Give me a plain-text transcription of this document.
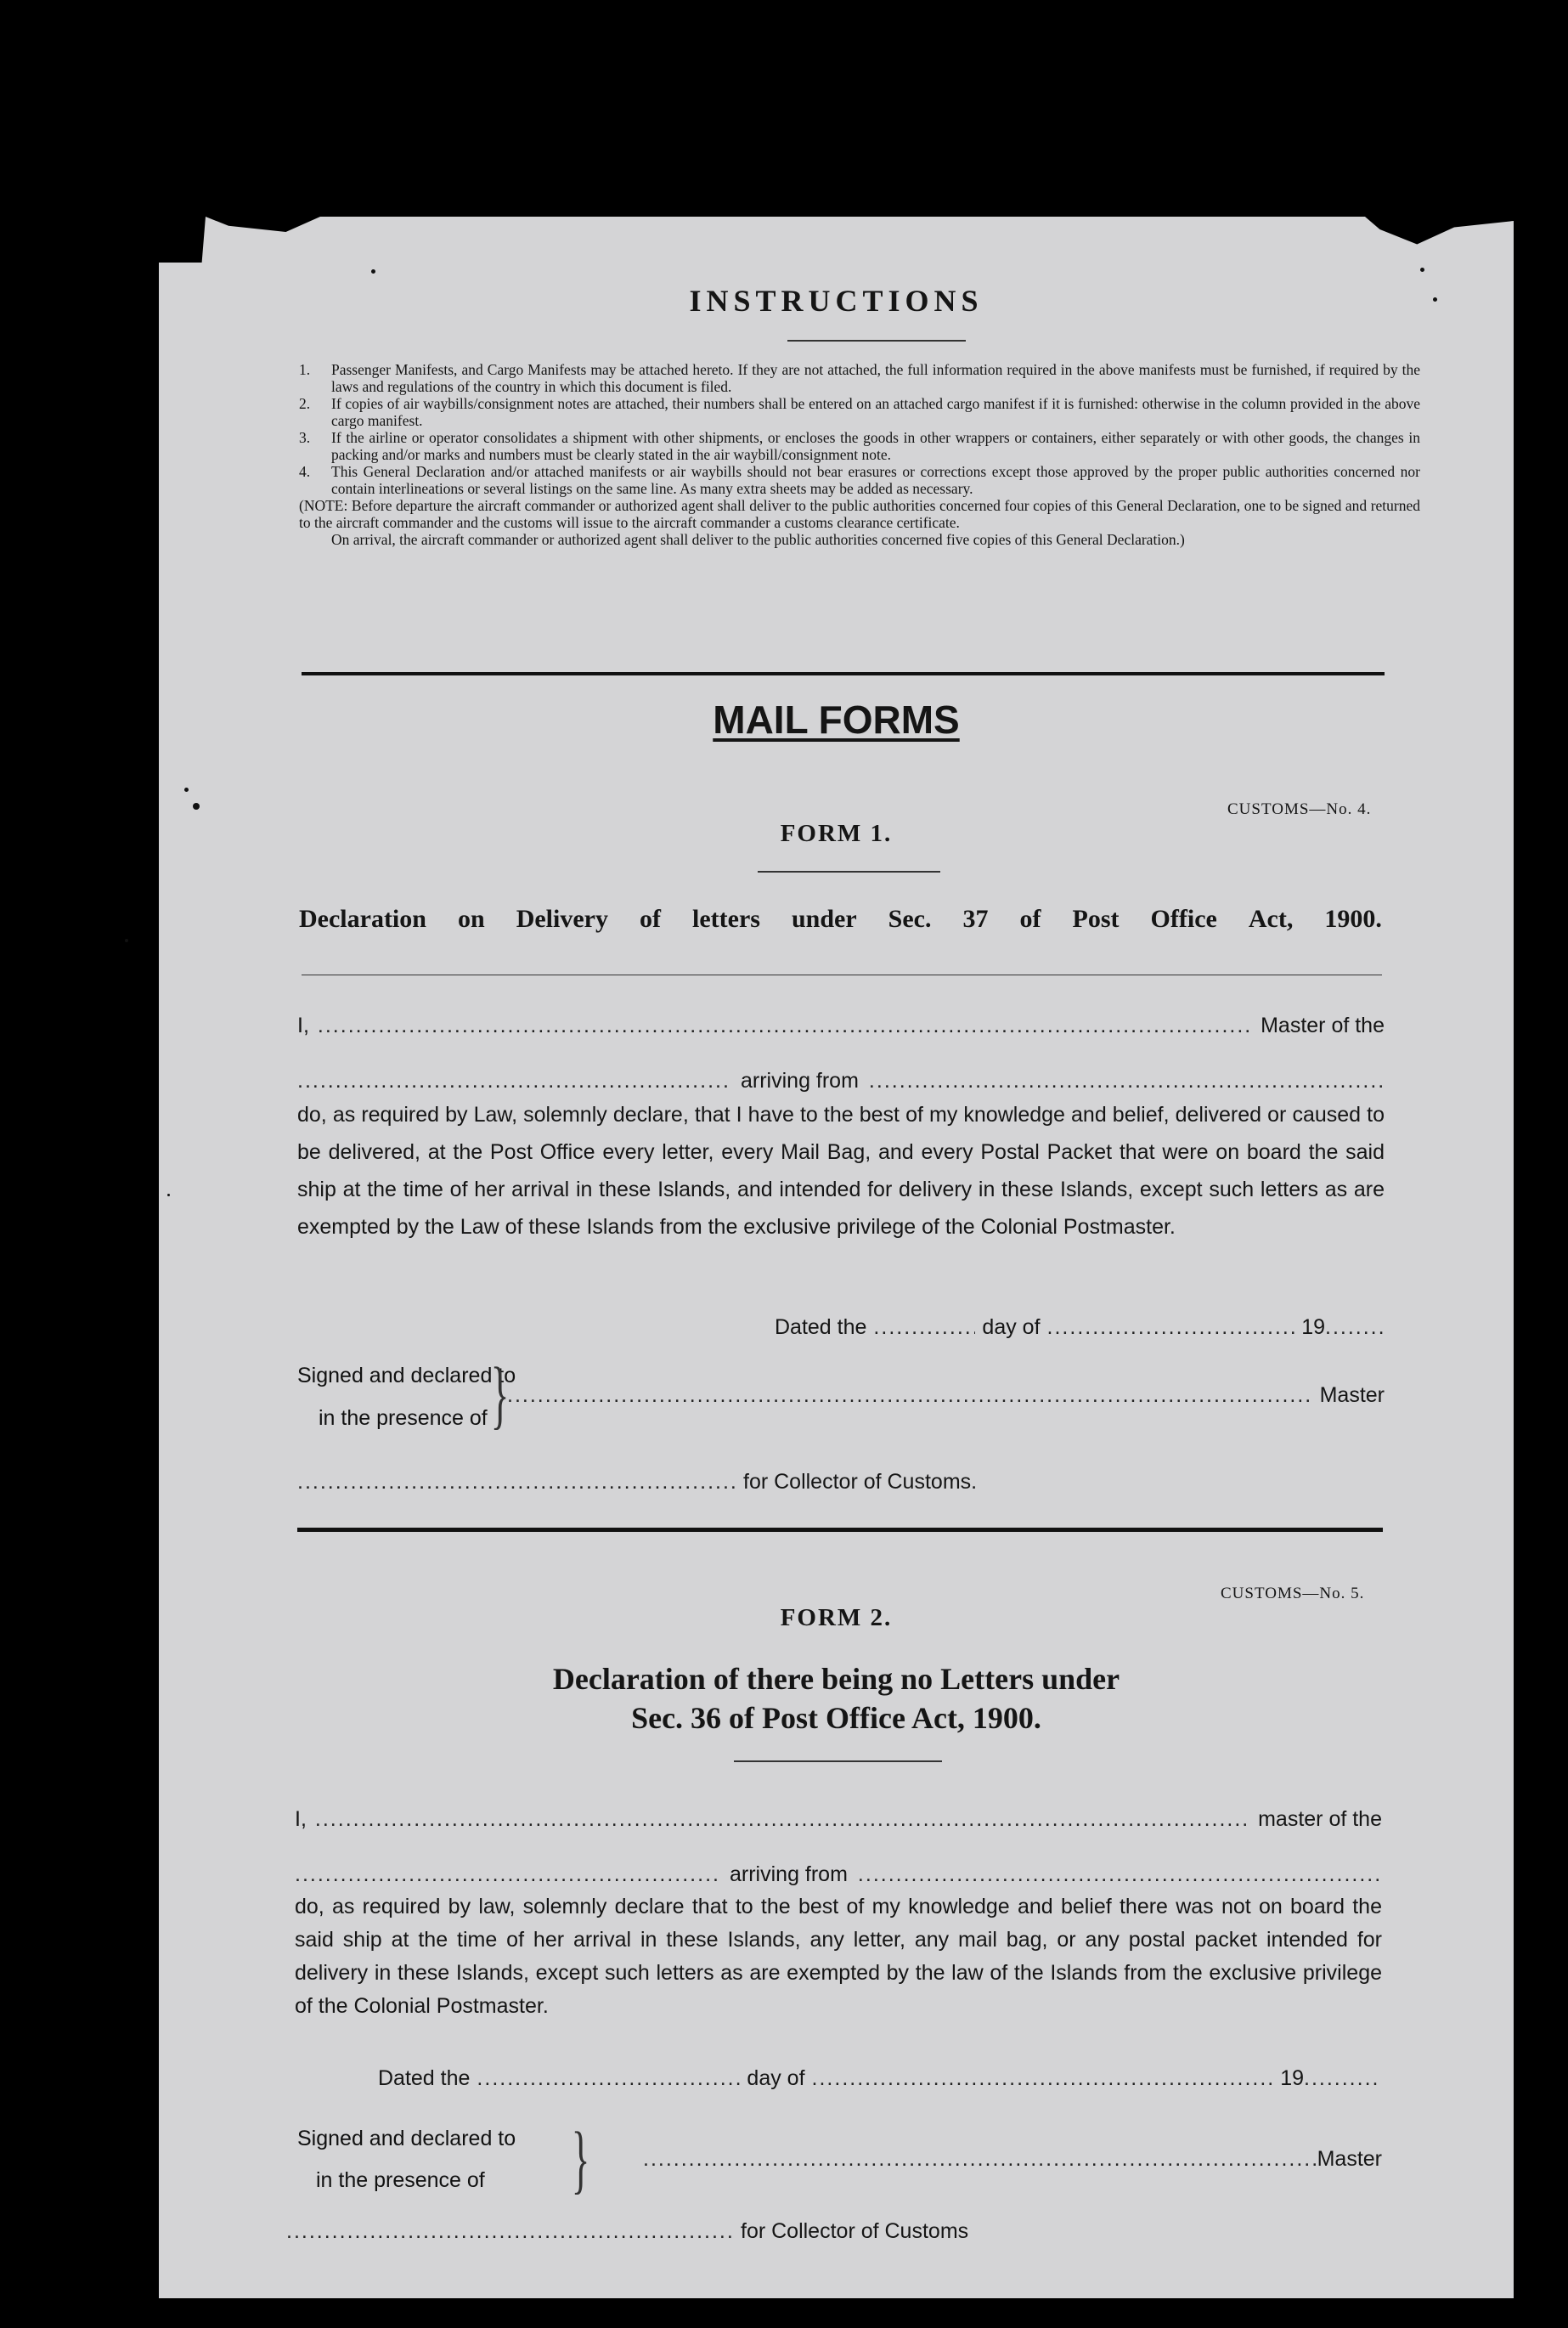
INSTRUCTIONS
1. Passenger Manifests, and Cargo Manifests may be attached hereto. If they are not attached, the full information required in the above manifests must be furnished, if required by the laws and regulations of the country in which this document is filed.
2. If copies of air waybills/consignment notes are attached, their numbers shall be entered on an attached cargo manifest if it is furnished: otherwise in the column provided in the above cargo manifest.
3. If the airline or operator consolidates a shipment with other shipments, or encloses the goods in other wrappers or containers, either separately or with other goods, the changes in packing and/or marks and numbers must be clearly stated in the air waybill/consignment note.
4. This General Declaration and/or attached manifests or air waybills should not bear erasures or corrections except those approved by the proper public authorities concerned nor contain interlineations or several listings on the same line. As many extra sheets may be added as necessary.
(NOTE: Before departure the aircraft commander or authorized agent shall deliver to the public authorities concerned four copies of this General Declaration, one to be signed and returned to the aircraft commander and the customs will issue to the aircraft commander a customs clearance certificate.
On arrival, the aircraft commander or authorized agent shall deliver to the public authorities concerned five copies of this General Declaration.)
MAIL FORMS
CUSTOMS—No. 4.
FORM 1.
Declaration on Delivery of letters under Sec. 37 of Post Office Act, 1900.
I, .....	Master of the
.....
arriving from
.....
do, as required by Law, solemnly declare, that I have to the best of my knowledge and belief, delivered or caused to be delivered, at the Post Office every letter, every Mail Bag, and every Postal Packet that were on board the said ship at the time of her arrival in these Islands, and intended for delivery in these Islands, except such letters as are exempted by the Law of these Islands from the exclusive privilege of the Colonial Postmaster.
Dated the .....	day of .....	19
.....
Signed and declared to
in the presence of } .....	Master
.....
for Collector of Customs.
CUSTOMS—No. 5.
FORM 2.
Declaration of there being no Letters under
Sec. 36 of Post Office Act, 1900.
I, .....	master of the
.....
arriving from
.....
do, as required by law, solemnly declare that to the best of my knowledge and belief there was not on board the said ship at the time of her arrival in these Islands, any letter, any mail bag, or any postal packet intended for delivery in these Islands, except such letters as are exempted by the law of the Islands from the exclusive privilege of the Colonial Postmaster.
Dated the .....	day of .....	19
.....
Signed and declared to
in the presence of } .....	Master
.....
for Collector of Customs
